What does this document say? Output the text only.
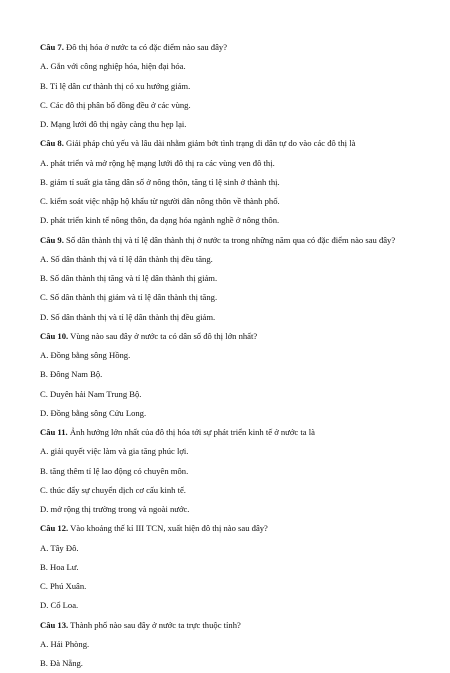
Câu 7. Đô thị hóa ở nước ta có đặc điểm nào sau đây?
A. Gắn với công nghiệp hóa, hiện đại hóa.
B. Tỉ lệ dân cư thành thị có xu hướng giảm.
C. Các đô thị phân bố đồng đều ở các vùng.
D. Mạng lưới đô thị ngày càng thu hẹp lại.
Câu 8. Giải pháp chủ yếu và lâu dài nhằm giảm bớt tình trạng di dân tự do vào các đô thị là
A. phát triển và mở rộng hệ mạng lưới đô thị ra các vùng ven đô thị.
B. giảm tỉ suất gia tăng dân số ở nông thôn, tăng tỉ lệ sinh ở thành thị.
C. kiểm soát việc nhập hộ khẩu từ người dân nông thôn về thành phố.
D. phát triển kinh tế nông thôn, đa dạng hóa ngành nghề ở nông thôn.
Câu 9. Số dân thành thị và tỉ lệ dân thành thị ở nước ta trong những năm qua có đặc điểm nào sau đây?
A. Số dân thành thị và tỉ lệ dân thành thị đều tăng.
B. Số dân thành thị tăng và tỉ lệ dân thành thị giảm.
C. Số dân thành thị giảm và tỉ lệ dân thành thị tăng.
D. Số dân thành thị và tỉ lệ dân thành thị đều giảm.
Câu 10. Vùng nào sau đây ở nước ta có dân số đô thị lớn nhất?
A. Đồng bằng sông Hồng.
B. Đông Nam Bộ.
C. Duyên hải Nam Trung Bộ.
D. Đồng bằng sông Cửu Long.
Câu 11. Ảnh hưởng lớn nhất của đô thị hóa tới sự phát triển kinh tế ở nước ta là
A. giải quyết việc làm và gia tăng phúc lợi.
B. tăng thêm tỉ lệ lao động có chuyên môn.
C. thúc đẩy sự chuyển dịch cơ cấu kinh tế.
D. mở rộng thị trường trong và ngoài nước.
Câu 12. Vào khoảng thế kỉ III TCN, xuất hiện đô thị nào sau đây?
A. Tây Đô.
B. Hoa Lư.
C. Phú Xuân.
D. Cổ Loa.
Câu 13. Thành phố nào sau đây ở nước ta trực thuộc tỉnh?
A. Hải Phòng.
B. Đà Nẵng.
